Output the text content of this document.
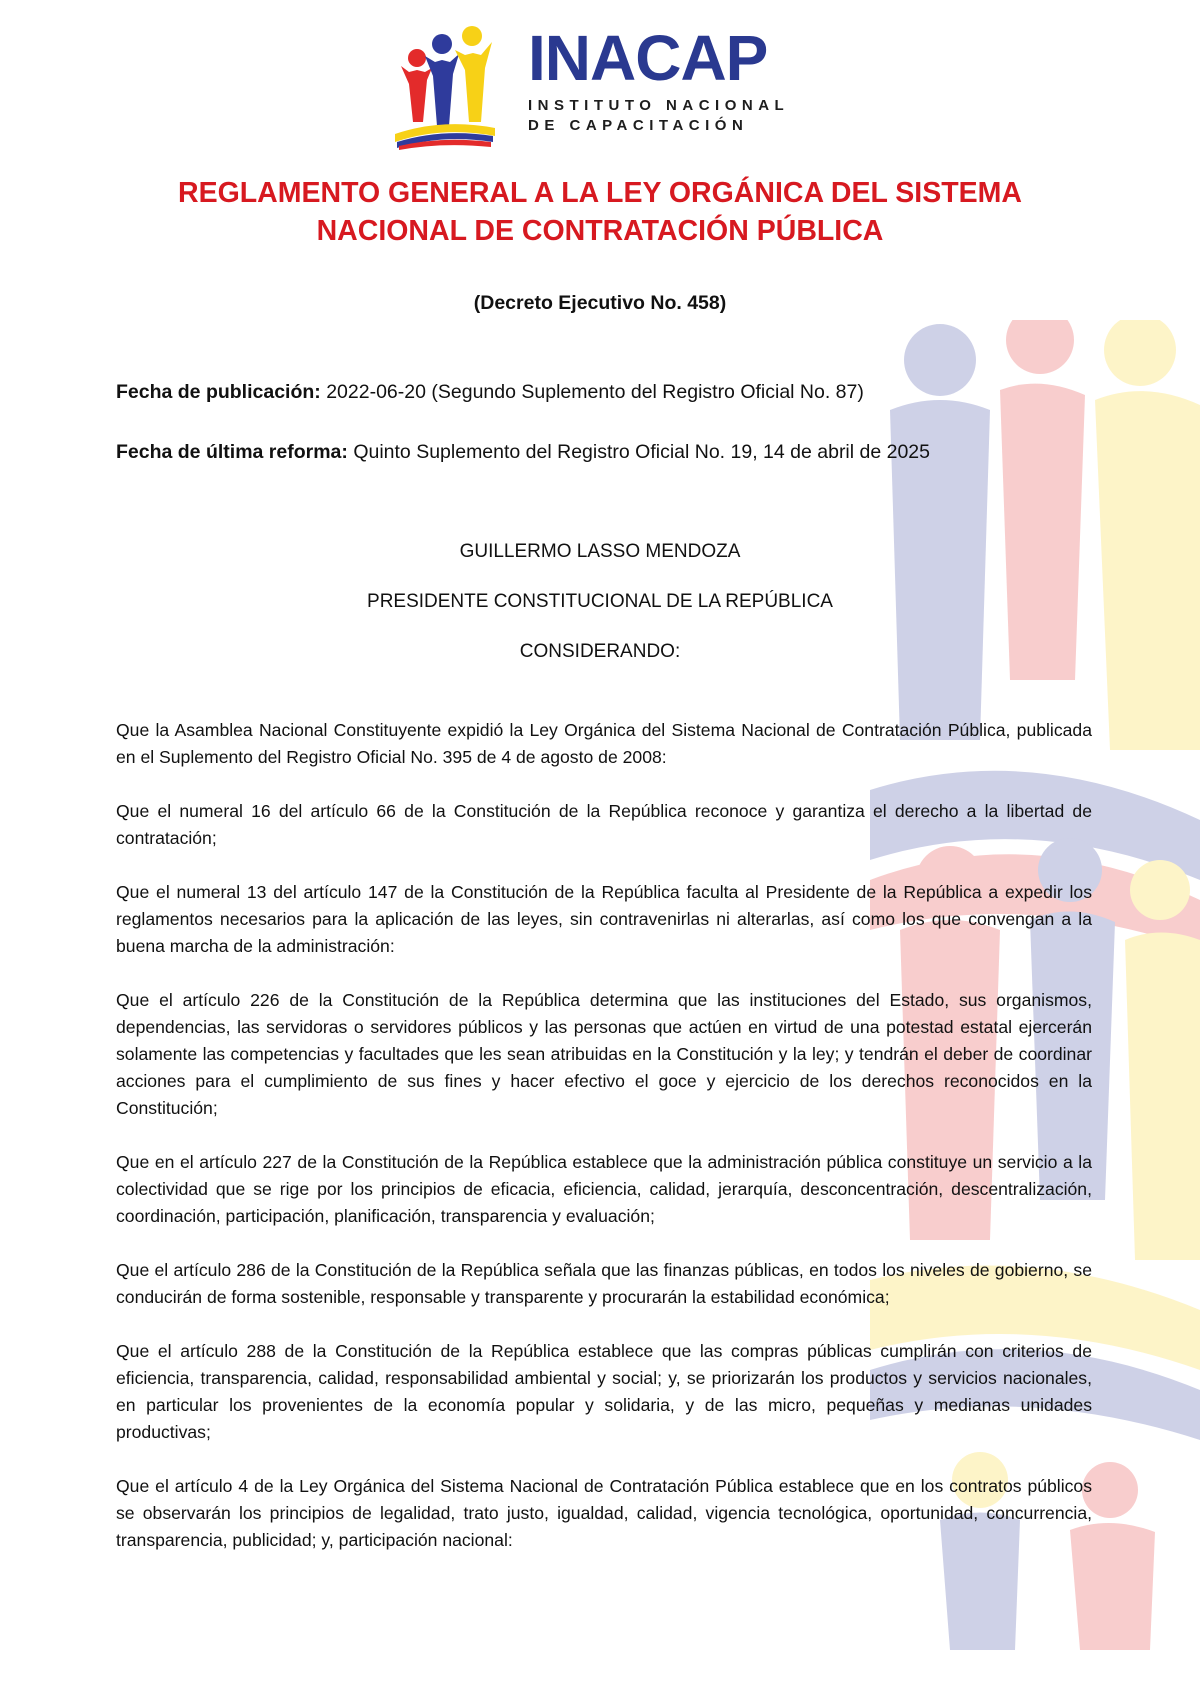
INACAP
INSTITUTO NACIONAL
DE CAPACITACIÓN
REGLAMENTO GENERAL A LA LEY ORGÁNICA DEL SISTEMA
NACIONAL DE CONTRATACIÓN PÚBLICA
(Decreto Ejecutivo No. 458)
Fecha de publicación: 2022-06-20 (Segundo Suplemento del Registro Oficial No. 87)
Fecha de última reforma: Quinto Suplemento del Registro Oficial No. 19, 14 de abril de 2025
GUILLERMO LASSO MENDOZA
PRESIDENTE CONSTITUCIONAL DE LA REPÚBLICA
CONSIDERANDO:

Que la Asamblea Nacional Constituyente expidió la Ley Orgánica del Sistema Nacional de Contratación Pública, publicada en el Suplemento del Registro Oficial No. 395 de 4 de agosto de 2008:

Que el numeral 16 del artículo 66 de la Constitución de la República reconoce y garantiza el derecho a la libertad de contratación;

Que el numeral 13 del artículo 147 de la Constitución de la República faculta al Presidente de la República a expedir los reglamentos necesarios para la aplicación de las leyes, sin contravenirlas ni alterarlas, así como los que convengan a la buena marcha de la administración:

Que el artículo 226 de la Constitución de la República determina que las instituciones del Estado, sus organismos, dependencias, las servidoras o servidores públicos y las personas que actúen en virtud de una potestad estatal ejercerán solamente las competencias y facultades que les sean atribuidas en la Constitución y la ley; y tendrán el deber de coordinar acciones para el cumplimiento de sus fines y hacer efectivo el goce y ejercicio de los derechos reconocidos en la Constitución;

Que en el artículo 227 de la Constitución de la República establece que la administración pública constituye un servicio a la colectividad que se rige por los principios de eficacia, eficiencia, calidad, jerarquía, desconcentración, descentralización, coordinación, participación, planificación, transparencia y evaluación;

Que el artículo 286 de la Constitución de la República señala que las finanzas públicas, en todos los niveles de gobierno, se conducirán de forma sostenible, responsable y transparente y procurarán la estabilidad económica;

Que el artículo 288 de la Constitución de la República establece que las compras públicas cumplirán con criterios de eficiencia, transparencia, calidad, responsabilidad ambiental y social; y, se priorizarán los productos y servicios nacionales, en particular los provenientes de la economía popular y solidaria, y de las micro, pequeñas y medianas unidades productivas;

Que el artículo 4 de la Ley Orgánica del Sistema Nacional de Contratación Pública establece que en los contratos públicos se observarán los principios de legalidad, trato justo, igualdad, calidad, vigencia tecnológica, oportunidad, concurrencia, transparencia, publicidad; y, participación nacional:
